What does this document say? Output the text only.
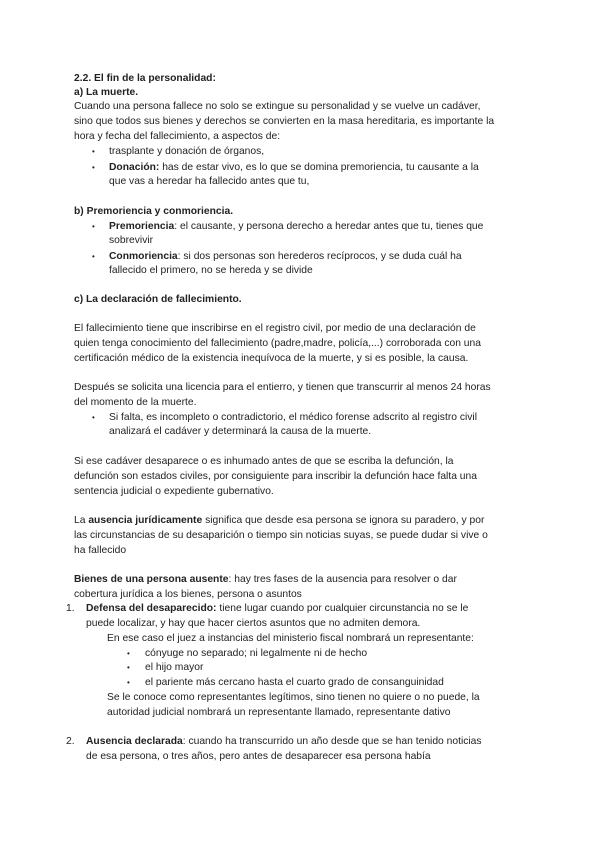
2.2. El fin de la personalidad:
a) La muerte.
Cuando una persona fallece no solo se extingue su personalidad y se vuelve un cadáver,
sino que todos sus bienes y derechos se convierten en la masa hereditaria, es importante la
hora y fecha del fallecimiento, a aspectos de:
• trasplante y donación de órganos,
• Donación: has de estar vivo, es lo que se domina premoriencia, tu causante a la
que vas a heredar ha fallecido antes que tu,
b) Premoriencia y conmoriencia.
• Premoriencia: el causante, y persona derecho a heredar antes que tu, tienes que
sobrevivir
• Conmoriencia: si dos personas son herederos recíprocos, y se duda cuál ha
fallecido el primero, no se hereda y se divide
c) La declaración de fallecimiento.
El fallecimiento tiene que inscribirse en el registro civil, por medio de una declaración de
quien tenga conocimiento del fallecimiento (padre,madre, policía,...) corroborada con una
certificación médico de la existencia inequívoca de la muerte, y si es posible, la causa.
Después se solicita una licencia para el entierro, y tienen que transcurrir al menos 24 horas
del momento de la muerte.
• Si falta, es incompleto o contradictorio, el médico forense adscrito al registro civil
analizará el cadáver y determinará la causa de la muerte.
Si ese cadáver desaparece o es inhumado antes de que se escriba la defunción, la
defunción son estados civiles, por consiguiente para inscribir la defunción hace falta una
sentencia judicial o expediente gubernativo.
La ausencia jurídicamente significa que desde esa persona se ignora su paradero, y por
las circunstancias de su desaparición o tiempo sin noticias suyas, se puede dudar si vive o
ha fallecido
Bienes de una persona ausente: hay tres fases de la ausencia para resolver o dar
cobertura jurídica a los bienes, persona o asuntos
1. Defensa del desaparecido: tiene lugar cuando por cualquier circunstancia no se le
puede localizar, y hay que hacer ciertos asuntos que no admiten demora.
En ese caso el juez a instancias del ministerio fiscal nombrará un representante:
• cónyuge no separado; ni legalmente ni de hecho
• el hijo mayor
• el pariente más cercano hasta el cuarto grado de consanguinidad
Se le conoce como representantes legítimos, sino tienen no quiere o no puede, la
autoridad judicial nombrará un representante llamado, representante dativo
2. Ausencia declarada: cuando ha transcurrido un año desde que se han tenido noticias
de esa persona, o tres años, pero antes de desaparecer esa persona había
